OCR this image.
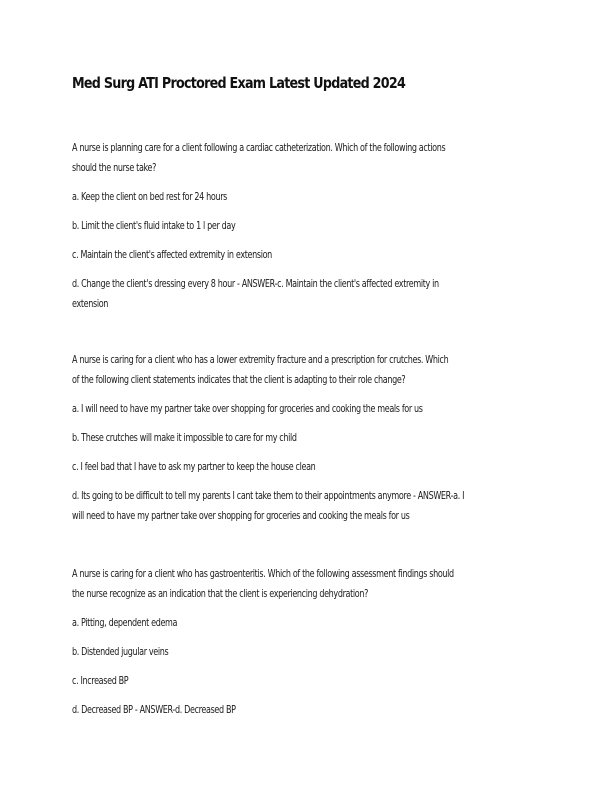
Med Surg ATI Proctored Exam Latest Updated 2024

A nurse is planning care for a client following a cardiac catheterization. Which of the following actions

should the nurse take?

a. Keep the client on bed rest for 24 hours

b. Limit the client's fluid intake to 1 l per day

c. Maintain the client's affected extremity in extension

d. Change the client's dressing every 8 hour - ANSWER-c. Maintain the client's affected extremity in

extension

A nurse is caring for a client who has a lower extremity fracture and a prescription for crutches. Which

of the following client statements indicates that the client is adapting to their role change?

a. I will need to have my partner take over shopping for groceries and cooking the meals for us

b. These crutches will make it impossible to care for my child

c. I feel bad that I have to ask my partner to keep the house clean

d. Its going to be difficult to tell my parents I cant take them to their appointments anymore - ANSWER-a. I

will need to have my partner take over shopping for groceries and cooking the meals for us

A nurse is caring for a client who has gastroenteritis. Which of the following assessment findings should

the nurse recognize as an indication that the client is experiencing dehydration?

a. Pitting, dependent edema

b. Distended jugular veins

c. Increased BP

d. Decreased BP - ANSWER-d. Decreased BP
